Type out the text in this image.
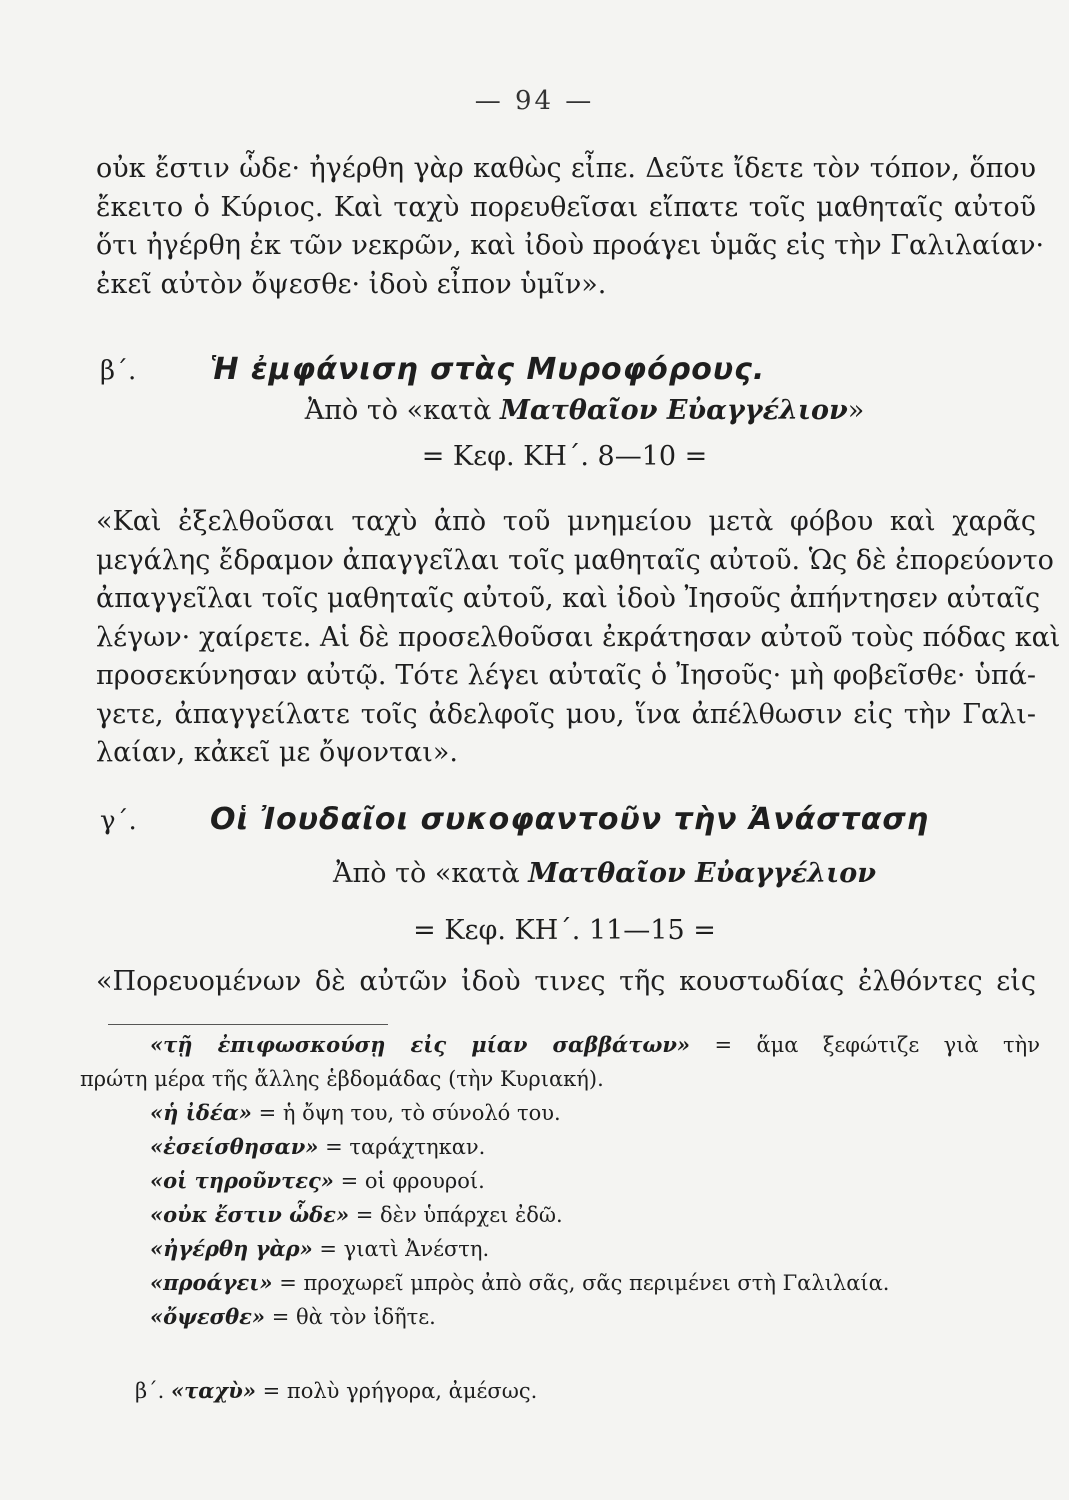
— 94 —
οὐκ ἔστιν ὧδε· ἠγέρθη γὰρ καθὼς εἶπε. Δεῦτε ἴδετε τὸν τόπον, ὅπου
ἔκειτο ὁ Κύριος. Καὶ ταχὺ πορευθεῖσαι εἴπατε τοῖς μαθηταῖς αὐτοῦ
ὅτι ἠγέρθη ἐκ τῶν νεκρῶν, καὶ ἰδοὺ προάγει ὑμᾶς εἰς τὴν Γαλιλαίαν·
ἐκεῖ αὐτὸν ὄψεσθε· ἰδοὺ εἶπον ὑμῖν».
β΄. Ἡ ἐμφάνιση στὰς Μυροφόρους.
Ἀπὸ τὸ «κατὰ Ματθαῖον Εὐαγγέλιον»
= Κεφ. ΚΗ΄. 8—10 =
«Καὶ ἐξελθοῦσαι ταχὺ ἀπὸ τοῦ μνημείου μετὰ φόβου καὶ χαρᾶς
μεγάλης ἔδραμον ἀπαγγεῖλαι τοῖς μαθηταῖς αὐτοῦ. Ὡς δὲ ἐπορεύοντο
ἀπαγγεῖλαι τοῖς μαθηταῖς αὐτοῦ, καὶ ἰδοὺ Ἰησοῦς ἀπήντησεν αὐταῖς
λέγων· χαίρετε. Αἱ δὲ προσελθοῦσαι ἐκράτησαν αὐτοῦ τοὺς πόδας καὶ
προσεκύνησαν αὐτῷ. Τότε λέγει αὐταῖς ὁ Ἰησοῦς· μὴ φοβεῖσθε· ὑπά-
γετε, ἀπαγγείλατε τοῖς ἀδελφοῖς μου, ἵνα ἀπέλθωσιν εἰς τὴν Γαλι-
λαίαν, κἀκεῖ με ὄψονται».
γ΄. Οἱ Ἰουδαῖοι συκοφαντοῦν τὴν Ἀνάσταση
Ἀπὸ τὸ «κατὰ Ματθαῖον Εὐαγγέλιον
= Κεφ. ΚΗ΄. 11—15 =
«Πορευομένων δὲ αὐτῶν ἰδοὺ τινες τῆς κουστωδίας ἐλθόντες εἰς
«τῇ ἐπιφωσκούσῃ εἰς μίαν σαββάτων» = ἅμα ξεφώτιζε γιὰ τὴν
πρώτη μέρα τῆς ἄλλης ἑβδομάδας (τὴν Κυριακή).
«ἡ ἰδέα» = ἡ ὄψη του, τὸ σύνολό του.
«ἐσείσθησαν» = ταράχτηκαν.
«οἱ τηροῦντες» = οἱ φρουροί.
«οὐκ ἔστιν ὧδε» = δὲν ὑπάρχει ἐδῶ.
«ἠγέρθη γὰρ» = γιατὶ Ἀνέστη.
«προάγει» = προχωρεῖ μπρὸς ἀπὸ σᾶς, σᾶς περιμένει στὴ Γαλιλαία.
«ὄψεσθε» = θὰ τὸν ἰδῆτε.
β΄. «ταχὺ» = πολὺ γρήγορα, ἀμέσως.
